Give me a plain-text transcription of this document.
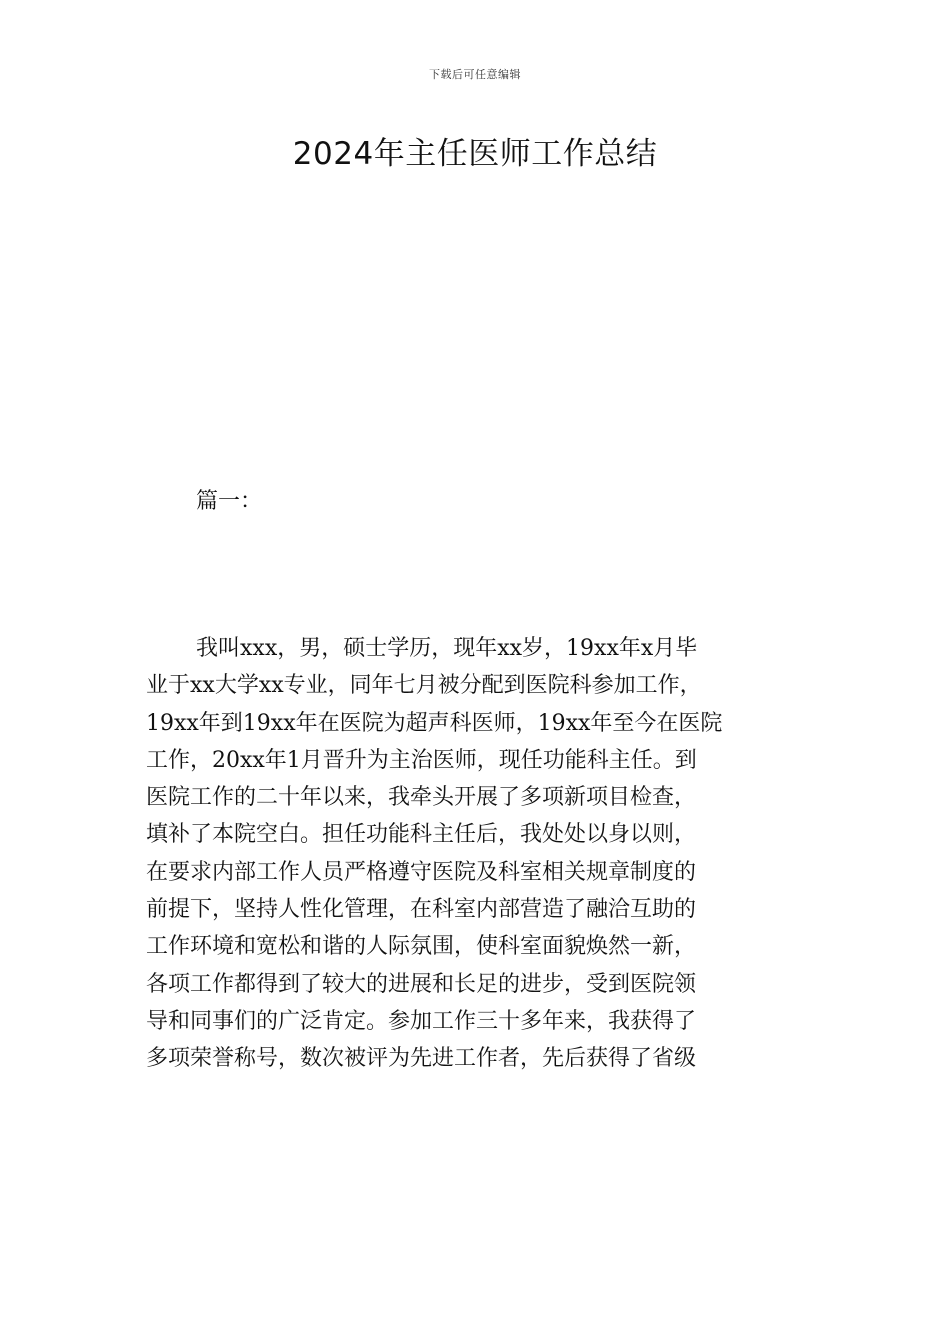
下载后可任意编辑
2024年主任医师工作总结
篇一：
我叫xxx，男，硕士学历，现年xx岁，19xx年x月毕
业于xx大学xx专业，同年七月被分配到医院科参加工作，
19xx年到19xx年在医院为超声科医师，19xx年至今在医院
工作，20xx年1月晋升为主治医师，现任功能科主任。到
医院工作的二十年以来，我牵头开展了多项新项目检查，
填补了本院空白。担任功能科主任后，我处处以身以则，
在要求内部工作人员严格遵守医院及科室相关规章制度的
前提下，坚持人性化管理，在科室内部营造了融洽互助的
工作环境和宽松和谐的人际氛围，使科室面貌焕然一新，
各项工作都得到了较大的进展和长足的进步，受到医院领
导和同事们的广泛肯定。参加工作三十多年来，我获得了
多项荣誉称号，数次被评为先进工作者，先后获得了省级
